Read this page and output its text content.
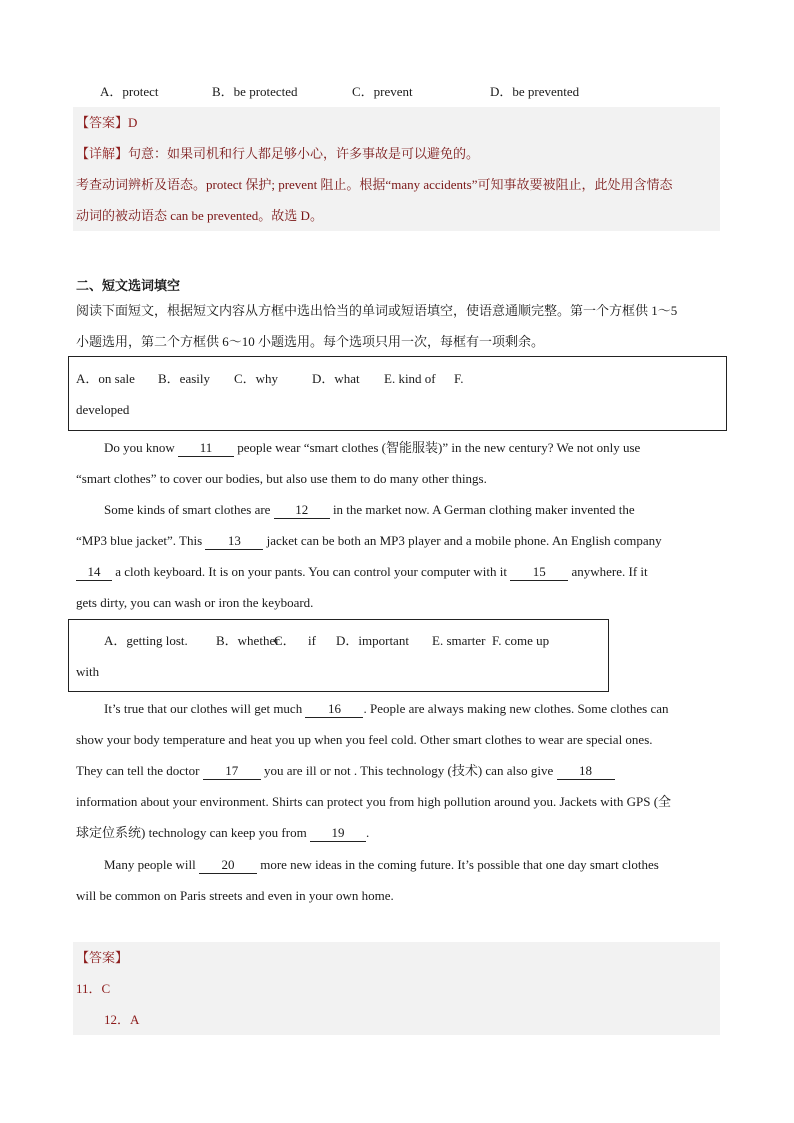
A．protect	B．be protected	C．prevent	D．be prevented
【答案】D
【详解】句意：如果司机和行人都足够小心，许多事故是可以避免的。
考查动词辨析及语态。protect 保护; prevent 阻止。根据“many accidents”可知事故要被阻止，此处用含情态
动词的被动语态 can be prevented。故选 D。
二、短文选词填空
阅读下面短文，根据短文内容从方框中选出恰当的单词或短语填空，使语意通顺完整。第一个方框供 1～5
小题选用，第二个方框供 6～10 小题选用。每个选项只用一次，每框有一项剩余。
A．on sale B．easily C．why	D．what E. kind of F.
developed
Do you know 11 people wear “smart clothes (智能服装)” in the new century? We not only use
“smart clothes” to cover our bodies, but also use them to do many other things.
Some kinds of smart clothes are 12 in the market now. A German clothing maker invented the
“MP3 blue jacket”. This 13 jacket can be both an MP3 player and a mobile phone. An English company
14 a cloth keyboard. It is on your pants. You can control your computer with it 15 anywhere. If it
gets dirty, you can wash or iron the keyboard.
A．getting lost. B．whetherC． if D．important E. smarter F. come up
with
It’s true that our clothes will get much 16 . People are always making new clothes. Some clothes can
show your body temperature and heat you up when you feel cold. Other smart clothes to wear are special ones.
They can tell the doctor 17 you are ill or not . This technology (技术) can also give 18
information about your environment. Shirts can protect you from high pollution around you. Jackets with GPS (全
球定位系统) technology can keep you from 19 .
Many people will 20 more new ideas in the coming future. It’s possible that one day smart clothes
will be common on Paris streets and even in your own home.
【答案】
11．C
12．A
